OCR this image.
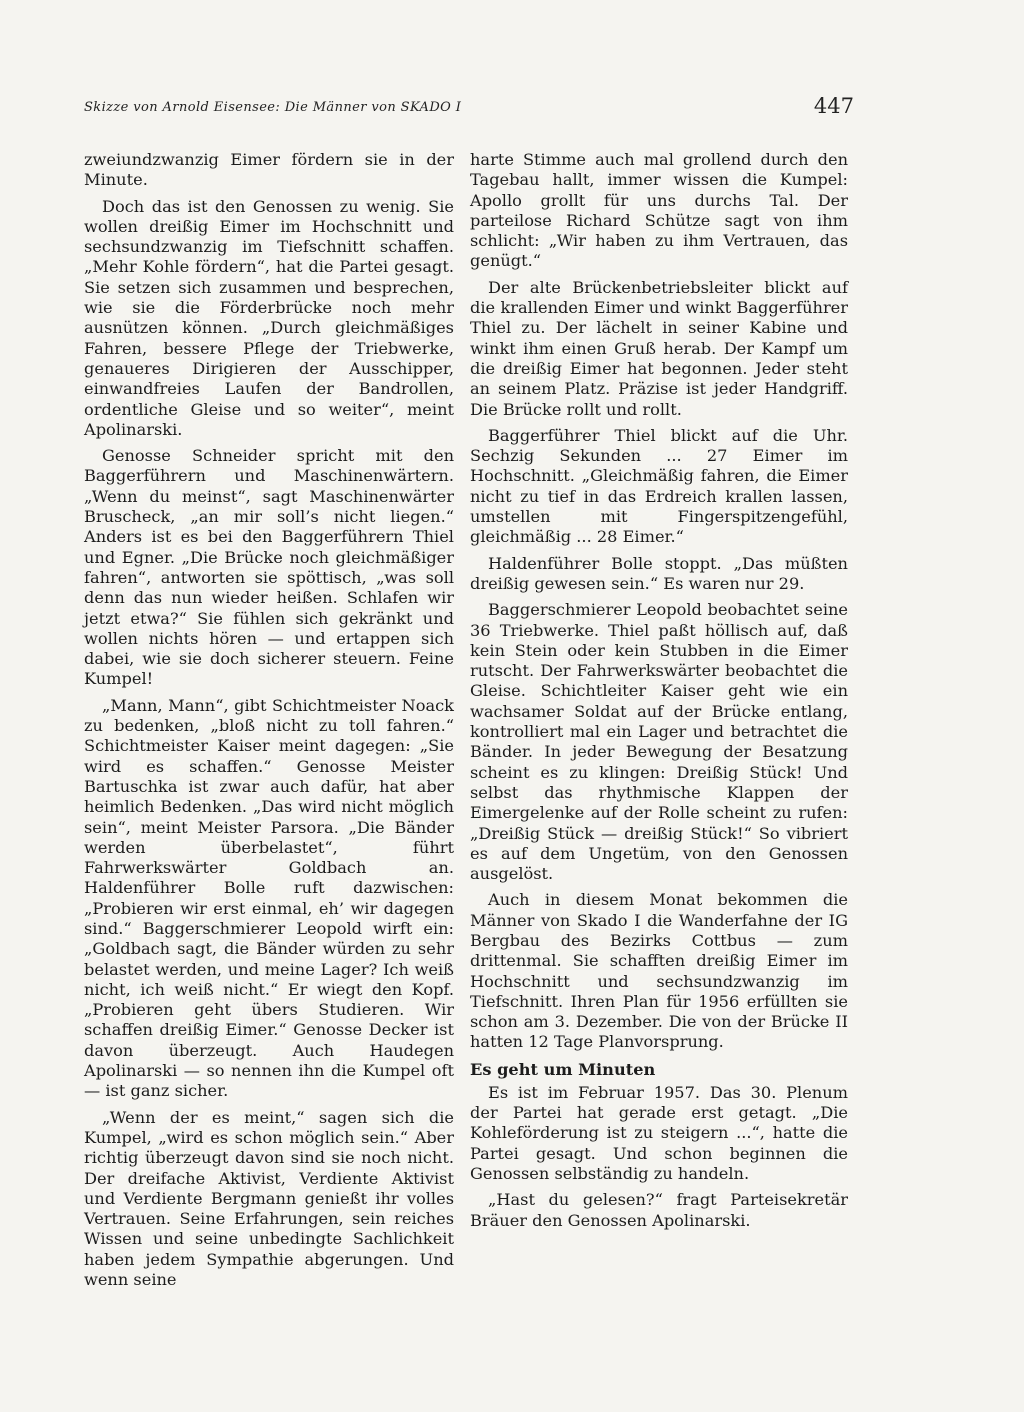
Skizze von Arnold Eisensee: Die Männer von SKADO I	447

zweiundzwanzig Eimer fördern sie in der Minute.

Doch das ist den Genossen zu wenig. Sie wollen dreißig Eimer im Hochschnitt und sechsundzwanzig im Tiefschnitt schaffen. „Mehr Kohle fördern“, hat die Partei gesagt. Sie setzen sich zusammen und besprechen, wie sie die Förderbrücke noch mehr ausnützen können. „Durch gleichmäßiges Fahren, bessere Pflege der Triebwerke, genaueres Dirigieren der Ausschipper, einwandfreies Laufen der Bandrollen, ordentliche Gleise und so weiter“, meint Apolinarski.

Genosse Schneider spricht mit den Baggerführern und Maschinenwärtern. „Wenn du meinst“, sagt Maschinenwärter Bruscheck, „an mir soll’s nicht liegen.“ Anders ist es bei den Baggerführern Thiel und Egner. „Die Brücke noch gleichmäßiger fahren“, antworten sie spöttisch, „was soll denn das nun wieder heißen. Schlafen wir jetzt etwa?“ Sie fühlen sich gekränkt und wollen nichts hören — und ertappen sich dabei, wie sie doch sicherer steuern. Feine Kumpel!

„Mann, Mann“, gibt Schichtmeister Noack zu bedenken, „bloß nicht zu toll fahren.“ Schichtmeister Kaiser meint dagegen: „Sie wird es schaffen.“ Genosse Meister Bartuschka ist zwar auch dafür, hat aber heimlich Bedenken. „Das wird nicht möglich sein“, meint Meister Parsora. „Die Bänder werden überbelastet“, führt Fahrwerkswärter Goldbach an. Haldenführer Bolle ruft dazwischen: „Probieren wir erst einmal, eh’ wir dagegen sind.“ Baggerschmierer Leopold wirft ein: „Goldbach sagt, die Bänder würden zu sehr belastet werden, und meine Lager? Ich weiß nicht, ich weiß nicht.“ Er wiegt den Kopf. „Probieren geht übers Studieren. Wir schaffen dreißig Eimer.“ Genosse Decker ist davon überzeugt. Auch Haudegen Apolinarski — so nennen ihn die Kumpel oft — ist ganz sicher.

„Wenn der es meint,“ sagen sich die Kumpel, „wird es schon möglich sein.“ Aber richtig überzeugt davon sind sie noch nicht. Der dreifache Aktivist, Verdiente Aktivist und Verdiente Bergmann genießt ihr volles Vertrauen. Seine Erfahrungen, sein reiches Wissen und seine unbedingte Sachlichkeit haben jedem Sympathie abgerungen. Und wenn seine

harte Stimme auch mal grollend durch den Tagebau hallt, immer wissen die Kumpel: Apollo grollt für uns durchs Tal. Der parteilose Richard Schütze sagt von ihm schlicht: „Wir haben zu ihm Vertrauen, das genügt.“

Der alte Brückenbetriebsleiter blickt auf die krallenden Eimer und winkt Baggerführer Thiel zu. Der lächelt in seiner Kabine und winkt ihm einen Gruß herab. Der Kampf um die dreißig Eimer hat begonnen. Jeder steht an seinem Platz. Präzise ist jeder Handgriff. Die Brücke rollt und rollt.

Baggerführer Thiel blickt auf die Uhr. Sechzig Sekunden ... 27 Eimer im Hochschnitt. „Gleichmäßig fahren, die Eimer nicht zu tief in das Erdreich krallen lassen, umstellen mit Fingerspitzengefühl, gleichmäßig ... 28 Eimer.“

Haldenführer Bolle stoppt. „Das müßten dreißig gewesen sein.“ Es waren nur 29.

Baggerschmierer Leopold beobachtet seine 36 Triebwerke. Thiel paßt höllisch auf, daß kein Stein oder kein Stubben in die Eimer rutscht. Der Fahrwerkswärter beobachtet die Gleise. Schichtleiter Kaiser geht wie ein wachsamer Soldat auf der Brücke entlang, kontrolliert mal ein Lager und betrachtet die Bänder. In jeder Bewegung der Besatzung scheint es zu klingen: Dreißig Stück! Und selbst das rhythmische Klappen der Eimergelenke auf der Rolle scheint zu rufen: „Dreißig Stück — dreißig Stück!“ So vibriert es auf dem Ungetüm, von den Genossen ausgelöst.

Auch in diesem Monat bekommen die Männer von Skado I die Wanderfahne der IG Bergbau des Bezirks Cottbus — zum drittenmal. Sie schafften dreißig Eimer im Hochschnitt und sechsundzwanzig im Tiefschnitt. Ihren Plan für 1956 erfüllten sie schon am 3. Dezember. Die von der Brücke II hatten 12 Tage Planvorsprung.

Es geht um Minuten

Es ist im Februar 1957. Das 30. Plenum der Partei hat gerade erst getagt. „Die Kohleförderung ist zu steigern ...“, hatte die Partei gesagt. Und schon beginnen die Genossen selbständig zu handeln.

„Hast du gelesen?“ fragt Parteisekretär Bräuer den Genossen Apolinarski.
